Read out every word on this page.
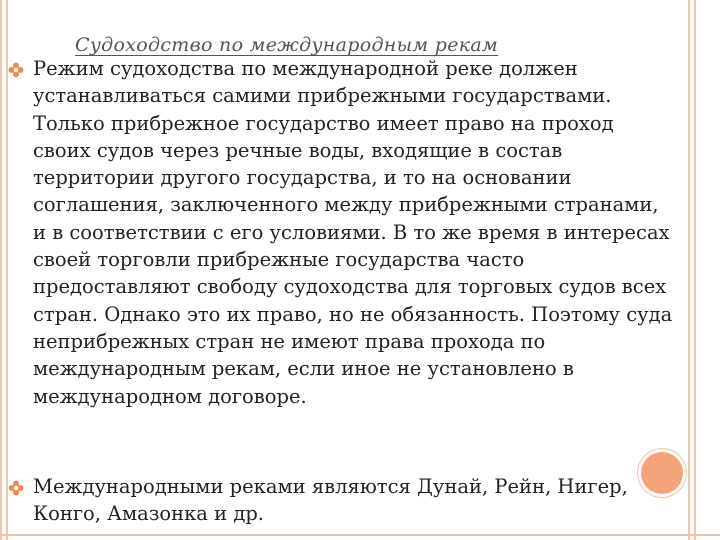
Судоходство по международным рекам
Режим судоходства по международной реке должен устанавливаться самими прибрежными государствами. Только прибрежное государство имеет право на проход своих судов через речные воды, входящие в состав территории другого государства, и то на основании соглашения, заключенного между прибрежными странами, и в соответствии с его условиями. В то же время в интересах своей торговли прибрежные государства часто предоставляют свободу судоходства для торговых судов всех стран. Однако это их право, но не обязанность. Поэтому суда неприбрежных стран не имеют права прохода по международным рекам, если иное не установлено в международном договоре.
Международными реками являются Дунай, Рейн, Нигер, Конго, Амазонка и др.
